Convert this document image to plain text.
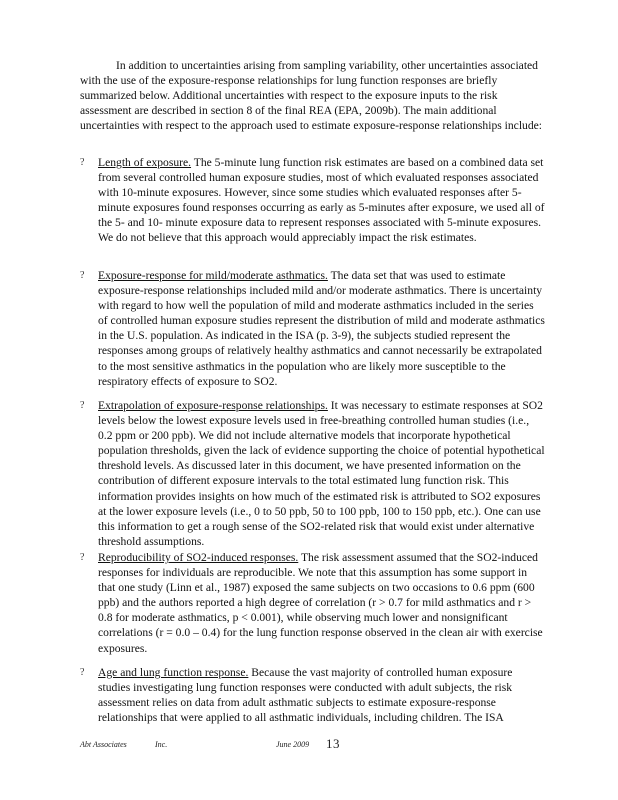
In addition to uncertainties arising from sampling variability, other uncertainties associated with the use of the exposure-response relationships for lung function responses are briefly summarized below. Additional uncertainties with respect to the exposure inputs to the risk assessment are described in section 8 of the final REA (EPA, 2009b). The main additional uncertainties with respect to the approach used to estimate exposure-response relationships include:

? Length of exposure. The 5-minute lung function risk estimates are based on a combined data set from several controlled human exposure studies, most of which evaluated responses associated with 10-minute exposures. However, since some studies which evaluated responses after 5-minute exposures found responses occurring as early as 5-minutes after exposure, we used all of the 5- and 10- minute exposure data to represent responses associated with 5-minute exposures. We do not believe that this approach would appreciably impact the risk estimates.

? Exposure-response for mild/moderate asthmatics. The data set that was used to estimate exposure-response relationships included mild and/or moderate asthmatics. There is uncertainty with regard to how well the population of mild and moderate asthmatics included in the series of controlled human exposure studies represent the distribution of mild and moderate asthmatics in the U.S. population. As indicated in the ISA (p. 3-9), the subjects studied represent the responses among groups of relatively healthy asthmatics and cannot necessarily be extrapolated to the most sensitive asthmatics in the population who are likely more susceptible to the respiratory effects of exposure to SO2.

? Extrapolation of exposure-response relationships. It was necessary to estimate responses at SO2 levels below the lowest exposure levels used in free-breathing controlled human studies (i.e., 0.2 ppm or 200 ppb). We did not include alternative models that incorporate hypothetical population thresholds, given the lack of evidence supporting the choice of potential hypothetical threshold levels. As discussed later in this document, we have presented information on the contribution of different exposure intervals to the total estimated lung function risk. This information provides insights on how much of the estimated risk is attributed to SO2 exposures at the lower exposure levels (i.e., 0 to 50 ppb, 50 to 100 ppb, 100 to 150 ppb, etc.). One can use this information to get a rough sense of the SO2-related risk that would exist under alternative threshold assumptions.

? Reproducibility of SO2-induced responses. The risk assessment assumed that the SO2-induced responses for individuals are reproducible. We note that this assumption has some support in that one study (Linn et al., 1987) exposed the same subjects on two occasions to 0.6 ppm (600 ppb) and the authors reported a high degree of correlation (r > 0.7 for mild asthmatics and r > 0.8 for moderate asthmatics, p < 0.001), while observing much lower and nonsignificant correlations (r = 0.0 – 0.4) for the lung function response observed in the clean air with exercise exposures.

? Age and lung function response. Because the vast majority of controlled human exposure studies investigating lung function responses were conducted with adult subjects, the risk assessment relies on data from adult asthmatic subjects to estimate exposure-response relationships that were applied to all asthmatic individuals, including children. The ISA

Abt Associates	Inc.	June 2009 13
